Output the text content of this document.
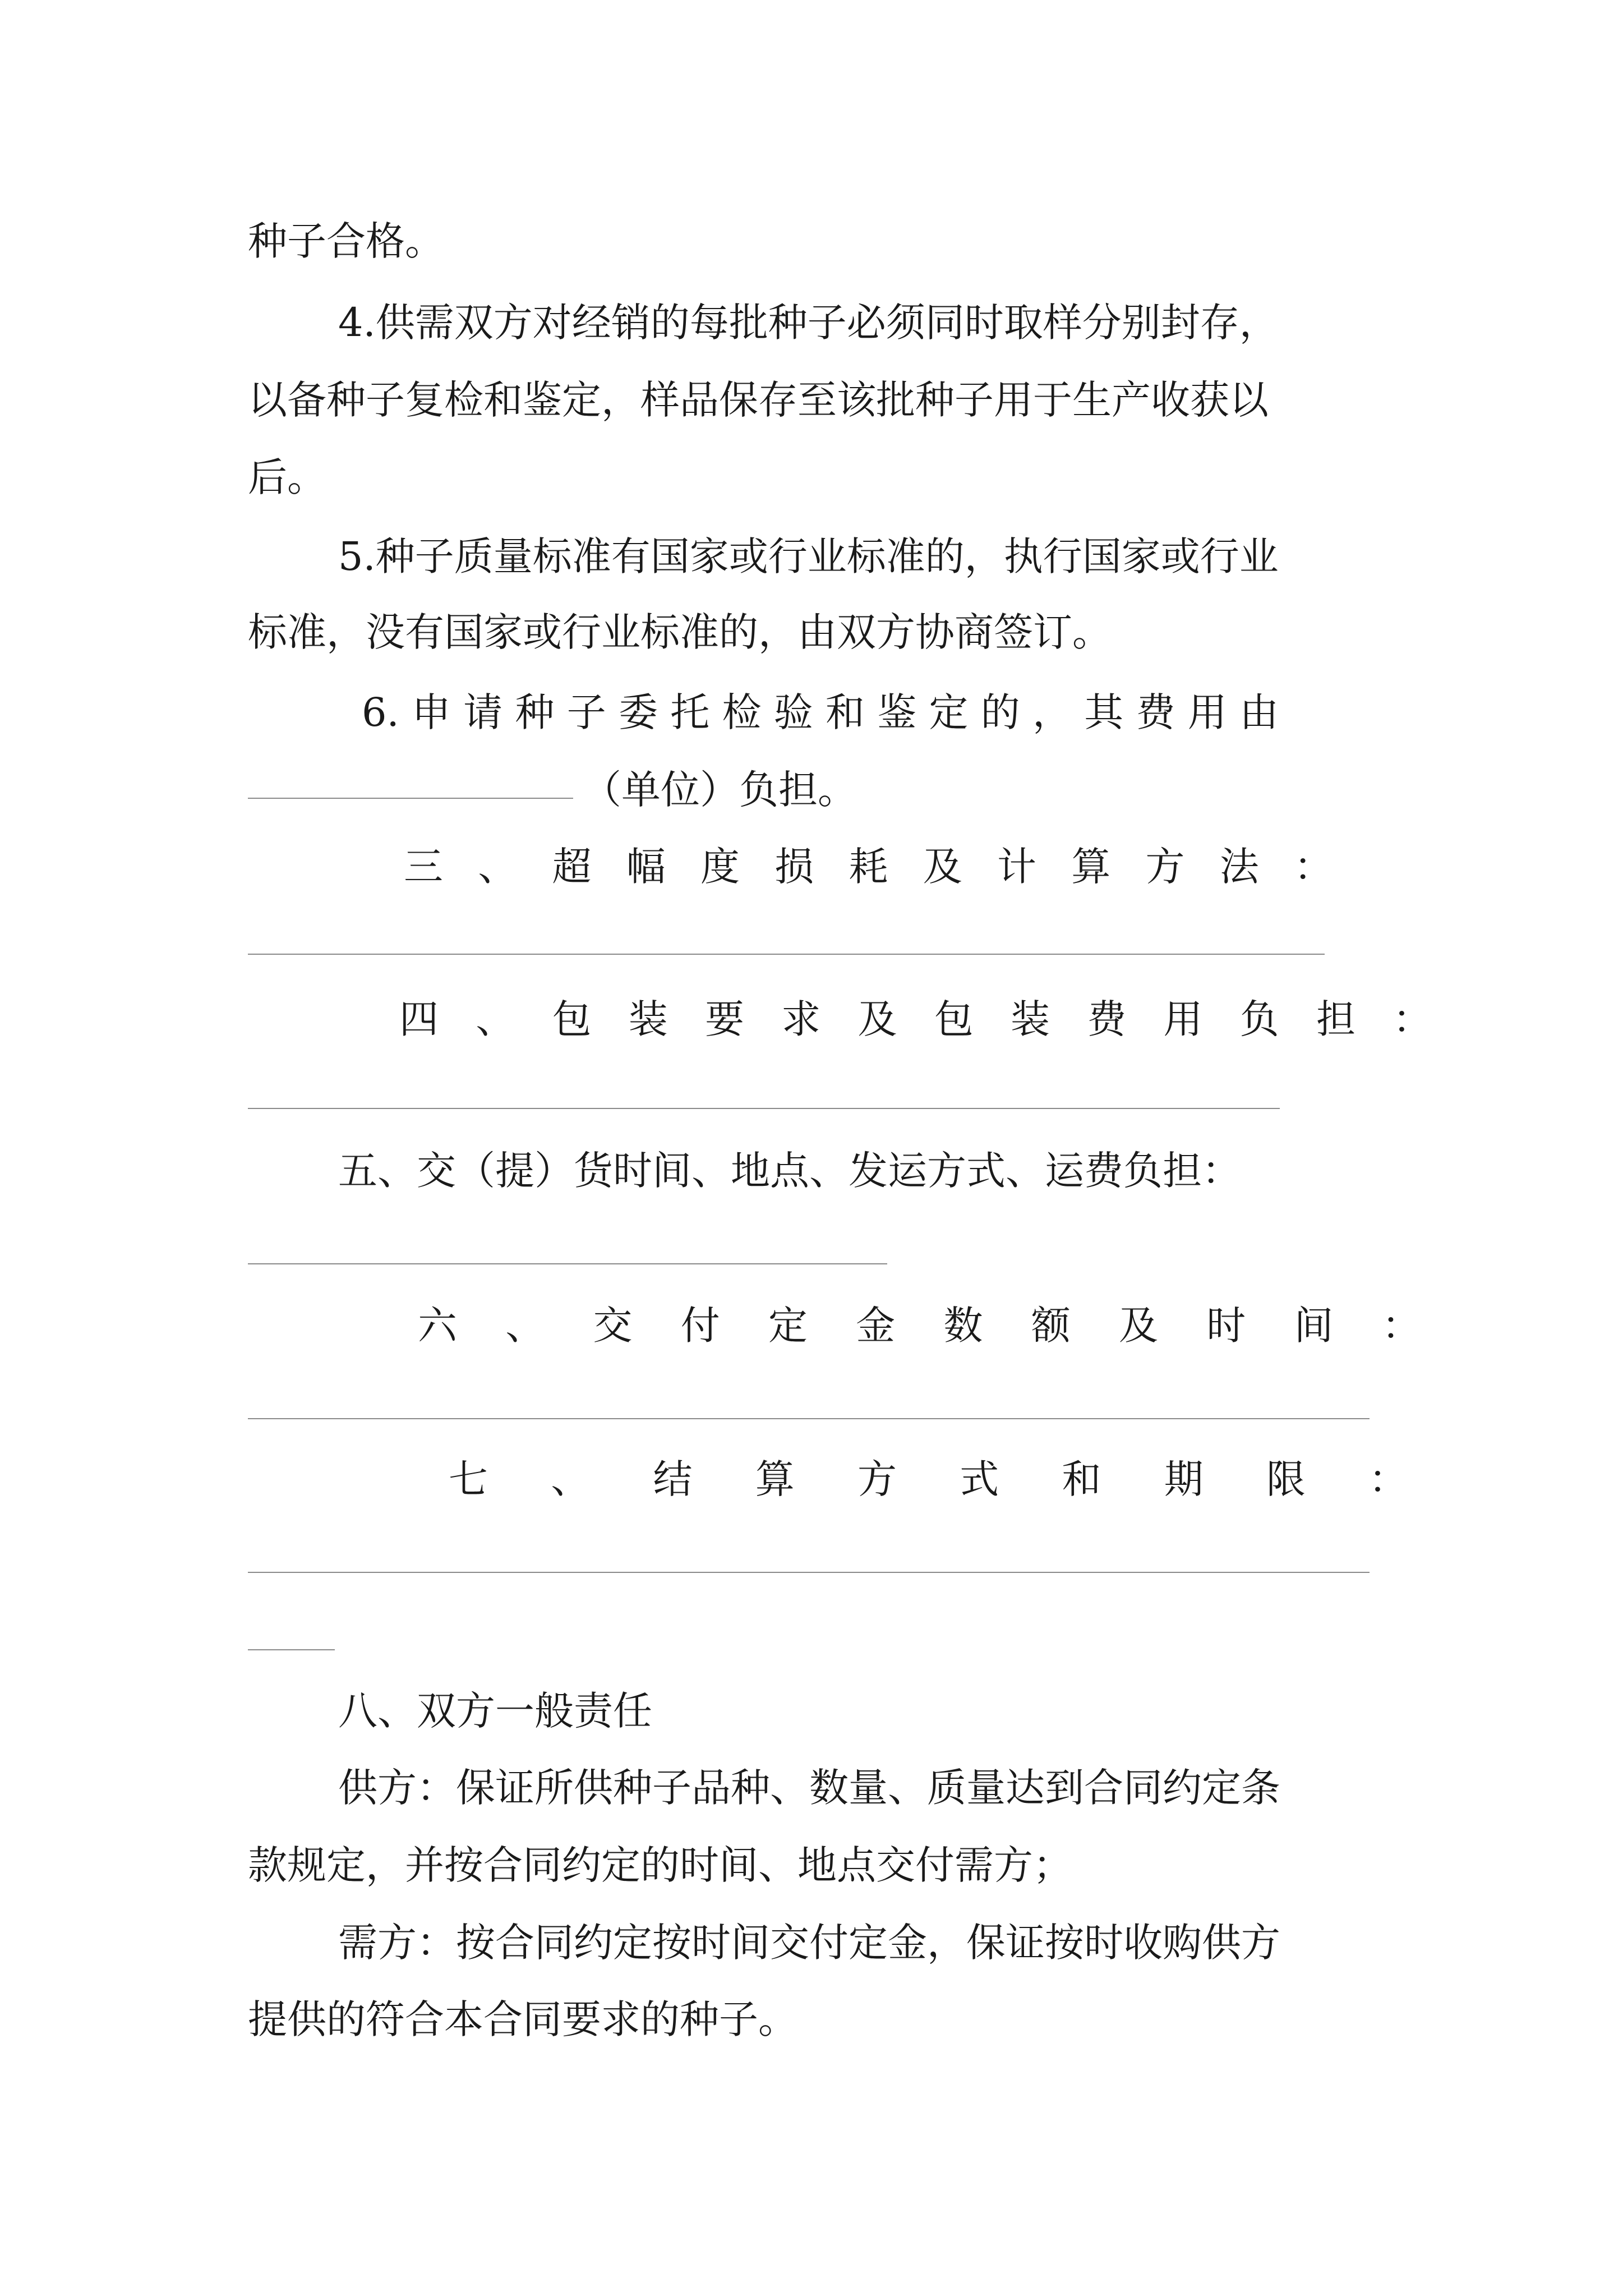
种子合格。

4.供需双方对经销的每批种子必须同时取样分别封存，

以备种子复检和鉴定，样品保存至该批种子用于生产收获以

后。

5.种子质量标准有国家或行业标准的，执行国家或行业

标准，没有国家或行业标准的，由双方协商签订。

6. 申 请 种 子 委 托 检 验 和 鉴 定 的 ， 其 费 用 由

（单位）负担。

三 、 超 幅 度 损 耗 及 计 算 方 法 ：

四 、 包 装 要 求 及 包 装 费 用 负 担 ：

五、交（提）货时间、地点、发运方式、运费负担：

六 、 交 付 定 金 数 额 及 时 间 ：

七 、 结 算 方 式 和 期 限 ：

八、双方一般责任

供方：保证所供种子品种、数量、质量达到合同约定条

款规定，并按合同约定的时间、地点交付需方；

需方：按合同约定按时间交付定金，保证按时收购供方

提供的符合本合同要求的种子。
